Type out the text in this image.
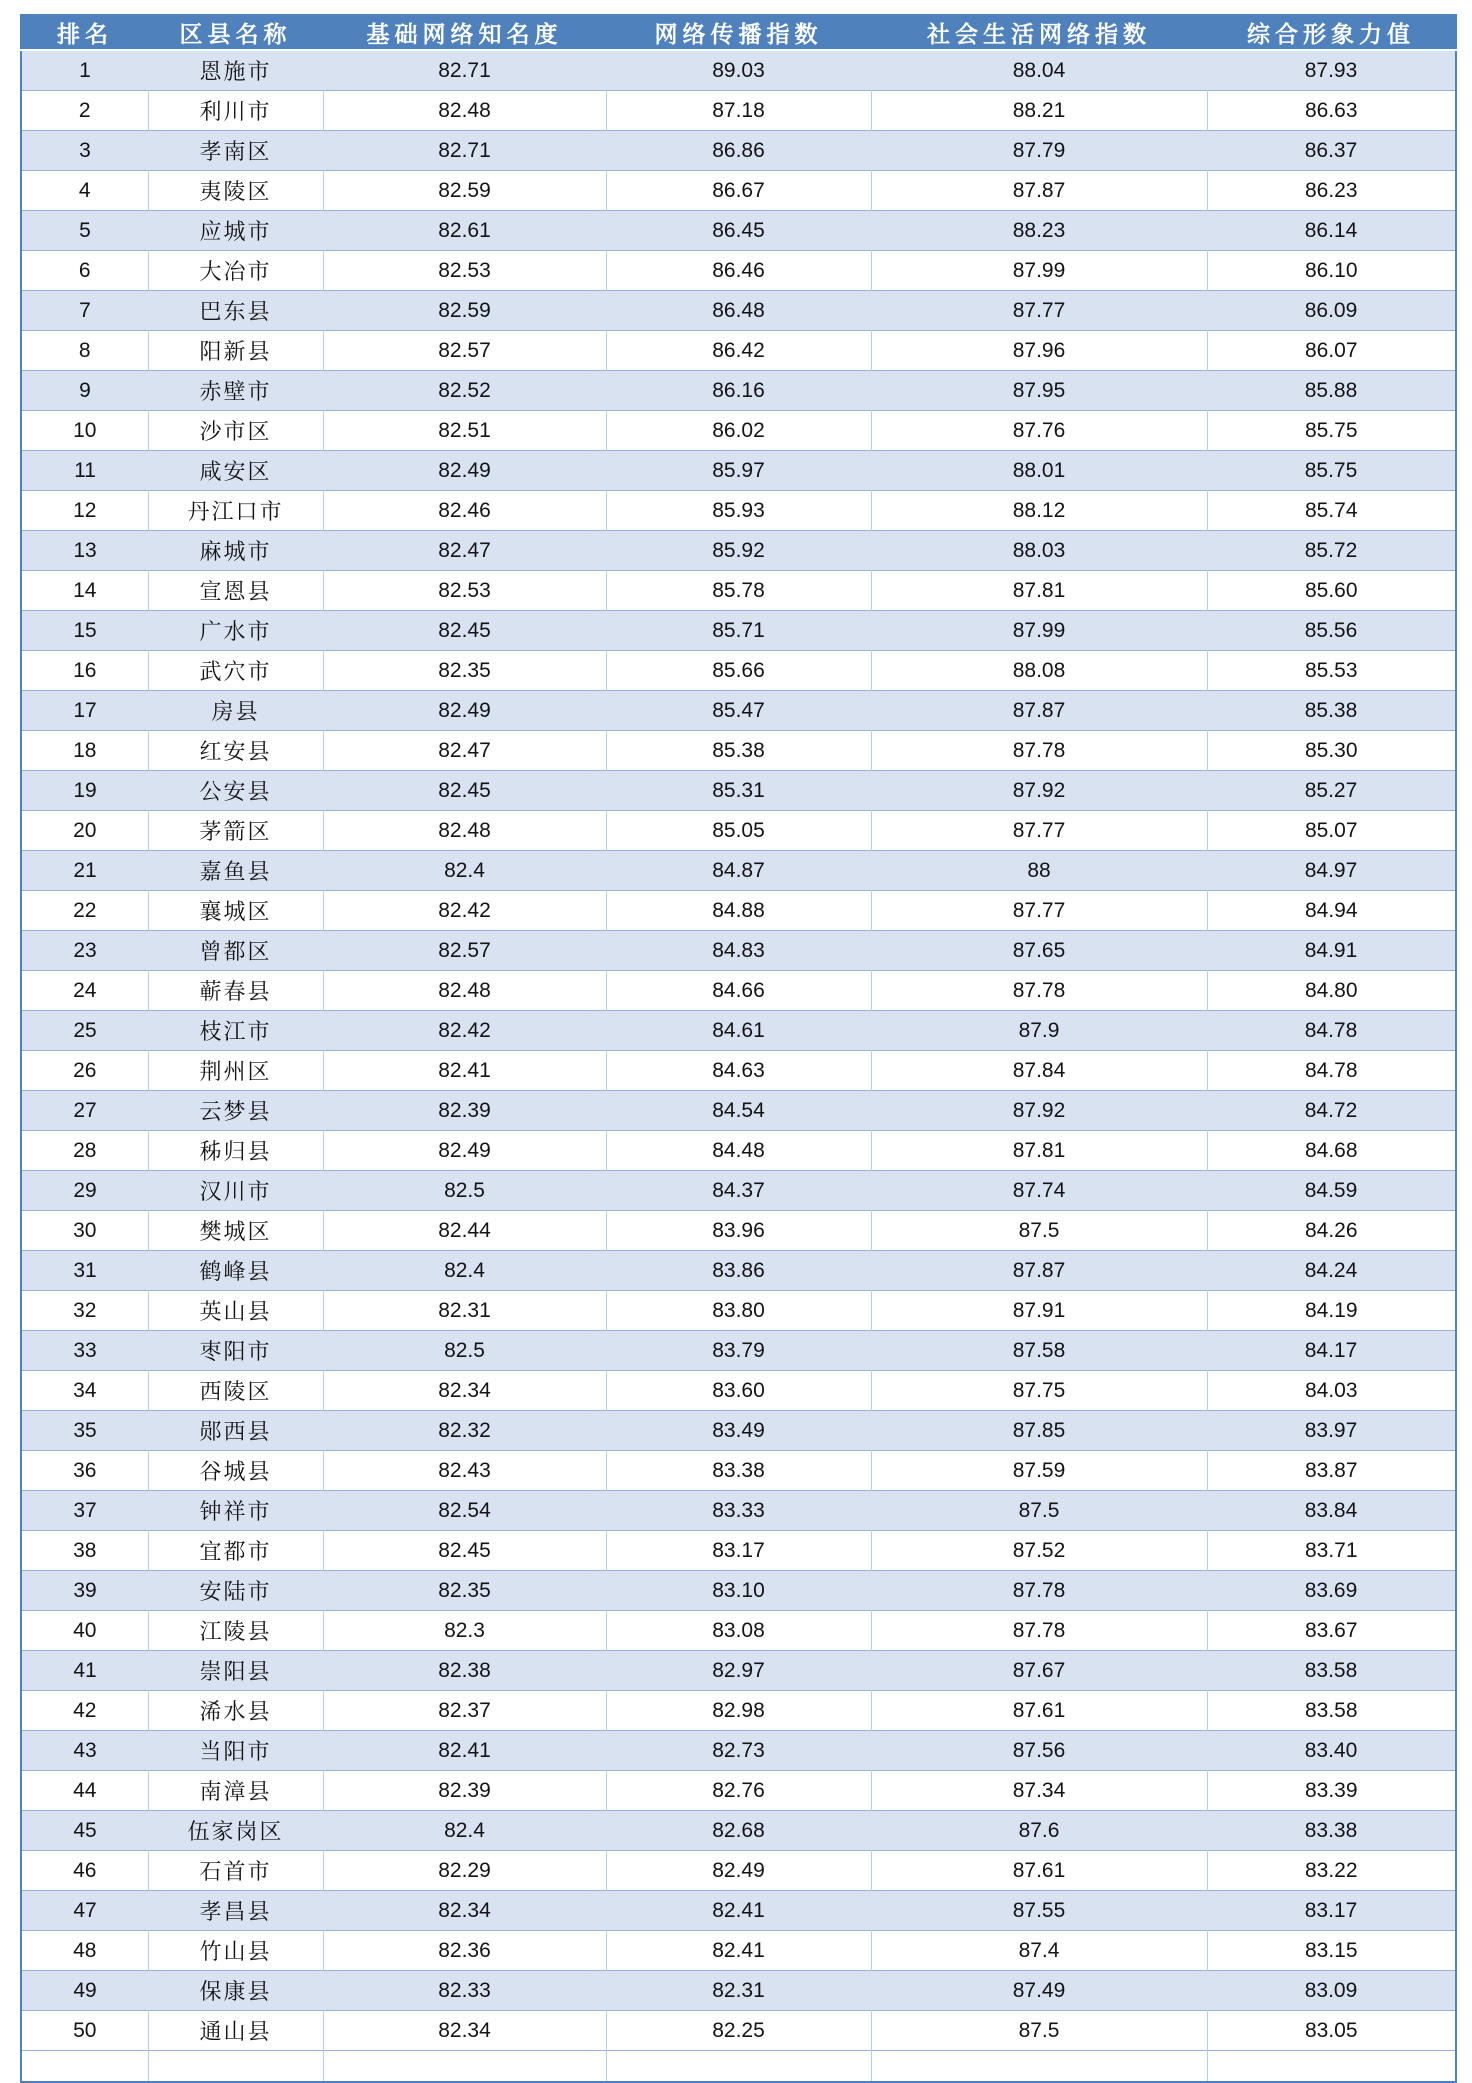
排名	区县名称	基础网络知名度	网络传播指数	社会生活网络指数	综合形象力值
1	恩施市	82.71	89.03	88.04	87.93
2	利川市	82.48	87.18	88.21	86.63
3	孝南区	82.71	86.86	87.79	86.37
4	夷陵区	82.59	86.67	87.87	86.23
5	应城市	82.61	86.45	88.23	86.14
6	大冶市	82.53	86.46	87.99	86.10
7	巴东县	82.59	86.48	87.77	86.09
8	阳新县	82.57	86.42	87.96	86.07
9	赤壁市	82.52	86.16	87.95	85.88
10	沙市区	82.51	86.02	87.76	85.75
11	咸安区	82.49	85.97	88.01	85.75
12	丹江口市	82.46	85.93	88.12	85.74
13	麻城市	82.47	85.92	88.03	85.72
14	宣恩县	82.53	85.78	87.81	85.60
15	广水市	82.45	85.71	87.99	85.56
16	武穴市	82.35	85.66	88.08	85.53
17	房县	82.49	85.47	87.87	85.38
18	红安县	82.47	85.38	87.78	85.30
19	公安县	82.45	85.31	87.92	85.27
20	茅箭区	82.48	85.05	87.77	85.07
21	嘉鱼县	82.4	84.87	88	84.97
22	襄城区	82.42	84.88	87.77	84.94
23	曾都区	82.57	84.83	87.65	84.91
24	蕲春县	82.48	84.66	87.78	84.80
25	枝江市	82.42	84.61	87.9	84.78
26	荆州区	82.41	84.63	87.84	84.78
27	云梦县	82.39	84.54	87.92	84.72
28	秭归县	82.49	84.48	87.81	84.68
29	汉川市	82.5	84.37	87.74	84.59
30	樊城区	82.44	83.96	87.5	84.26
31	鹤峰县	82.4	83.86	87.87	84.24
32	英山县	82.31	83.80	87.91	84.19
33	枣阳市	82.5	83.79	87.58	84.17
34	西陵区	82.34	83.60	87.75	84.03
35	郧西县	82.32	83.49	87.85	83.97
36	谷城县	82.43	83.38	87.59	83.87
37	钟祥市	82.54	83.33	87.5	83.84
38	宜都市	82.45	83.17	87.52	83.71
39	安陆市	82.35	83.10	87.78	83.69
40	江陵县	82.3	83.08	87.78	83.67
41	崇阳县	82.38	82.97	87.67	83.58
42	浠水县	82.37	82.98	87.61	83.58
43	当阳市	82.41	82.73	87.56	83.40
44	南漳县	82.39	82.76	87.34	83.39
45	伍家岗区	82.4	82.68	87.6	83.38
46	石首市	82.29	82.49	87.61	83.22
47	孝昌县	82.34	82.41	87.55	83.17
48	竹山县	82.36	82.41	87.4	83.15
49	保康县	82.33	82.31	87.49	83.09
50	通山县	82.34	82.25	87.5	83.05
